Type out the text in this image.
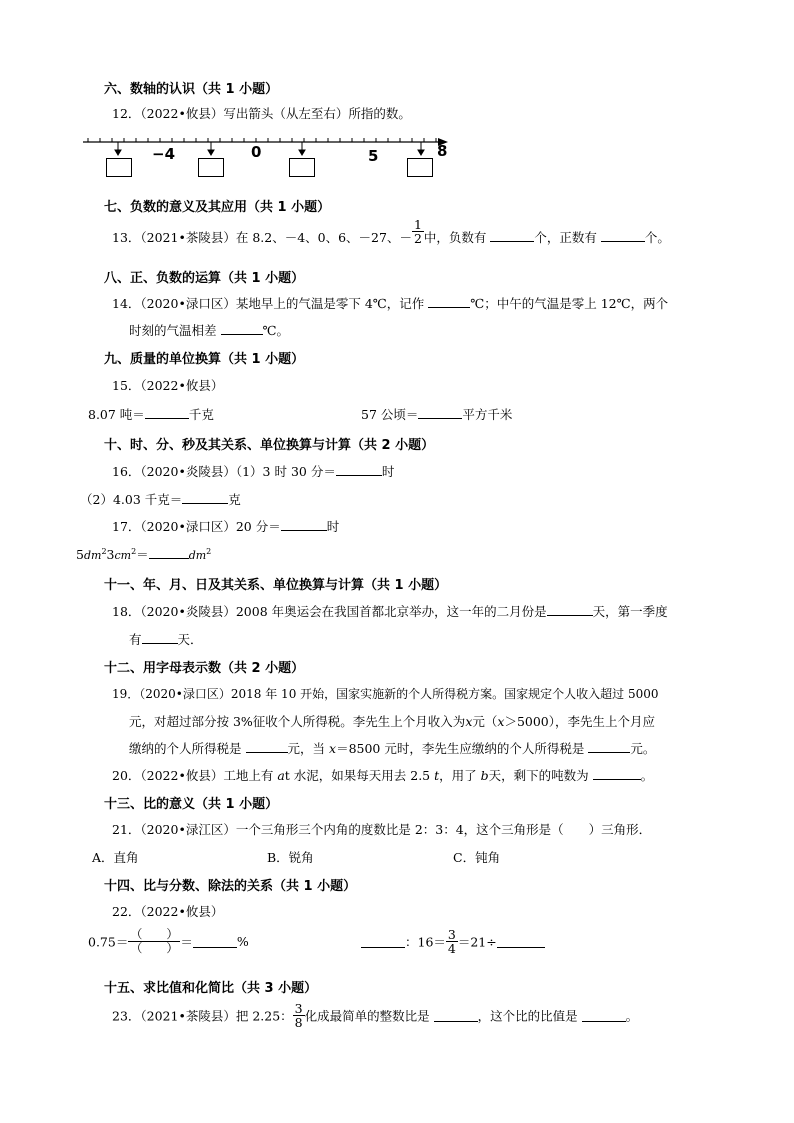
六、数轴的认识（共 1 小题）
12．（2022•攸县）写出箭头（从左至右）所指的数。
−4	0	5	8
七、负数的意义及其应用（共 1 小题）
13．（2021•茶陵县）在 8.2、－4、0、6、－27、－ $\frac{1}{2}$ 中，负数有	个，正数有	个。
八、正、负数的运算（共 1 小题）
14．（2020•渌口区）某地早上的气温是零下 4℃，记作	℃；中午的气温是零上 12℃，两个
时刻的气温相差	℃。
九、质量的单位换算（共 1 小题）
15．（2022•攸县）
8.07 吨＝	千克	57 公顷＝	平方千米
十、时、分、秒及其关系、单位换算与计算（共 2 小题）
16．（2020•炎陵县）（1）3 时 30 分＝	时
（2）4.03 千克＝	克
17．（2020•渌口区）20 分＝	时
$5dm^23cm^2=$	$dm^2$
十一、年、月、日及其关系、单位换算与计算（共 1 小题）
18．（2020•炎陵县）2008 年奥运会在我国首都北京举办，这一年的二月份是	天，第一季度
有	天．
十二、用字母表示数（共 2 小题）
19．（2020•渌口区）2018 年 10 开始，国家实施新的个人所得税方案。国家规定个人收入超过 5000
元，对超过部分按 3%征收个人所得税。李先生上个月收入为x元（x＞5000），李先生上个月应
缴纳的个人所得税是	元，当 x＝8500 元时，李先生应缴纳的个人所得税是	元。
20．（2022•攸县）工地上有 at 水泥，如果每天用去 2.5 t，用了 b天，剩下的吨数为	。
十三、比的意义（共 1 小题）
21．（2020•渌江区）一个三角形三个内角的度数比是 2：3：4，这个三角形是（　　）三角形．
A．直角	B．锐角	C．钝角
十四、比与分数、除法的关系（共 1 小题）
22．（2022•攸县）
$0.75= \frac{( )}{( )}$ ＝	%	：$16= \frac{3}{4} =21\div$
十五、求比值和化简比（共 3 小题）
23．（2021•茶陵县）把 2.25： $\frac{3}{8}$ 化成最简单的整数比是	，这个比的比值是	。
